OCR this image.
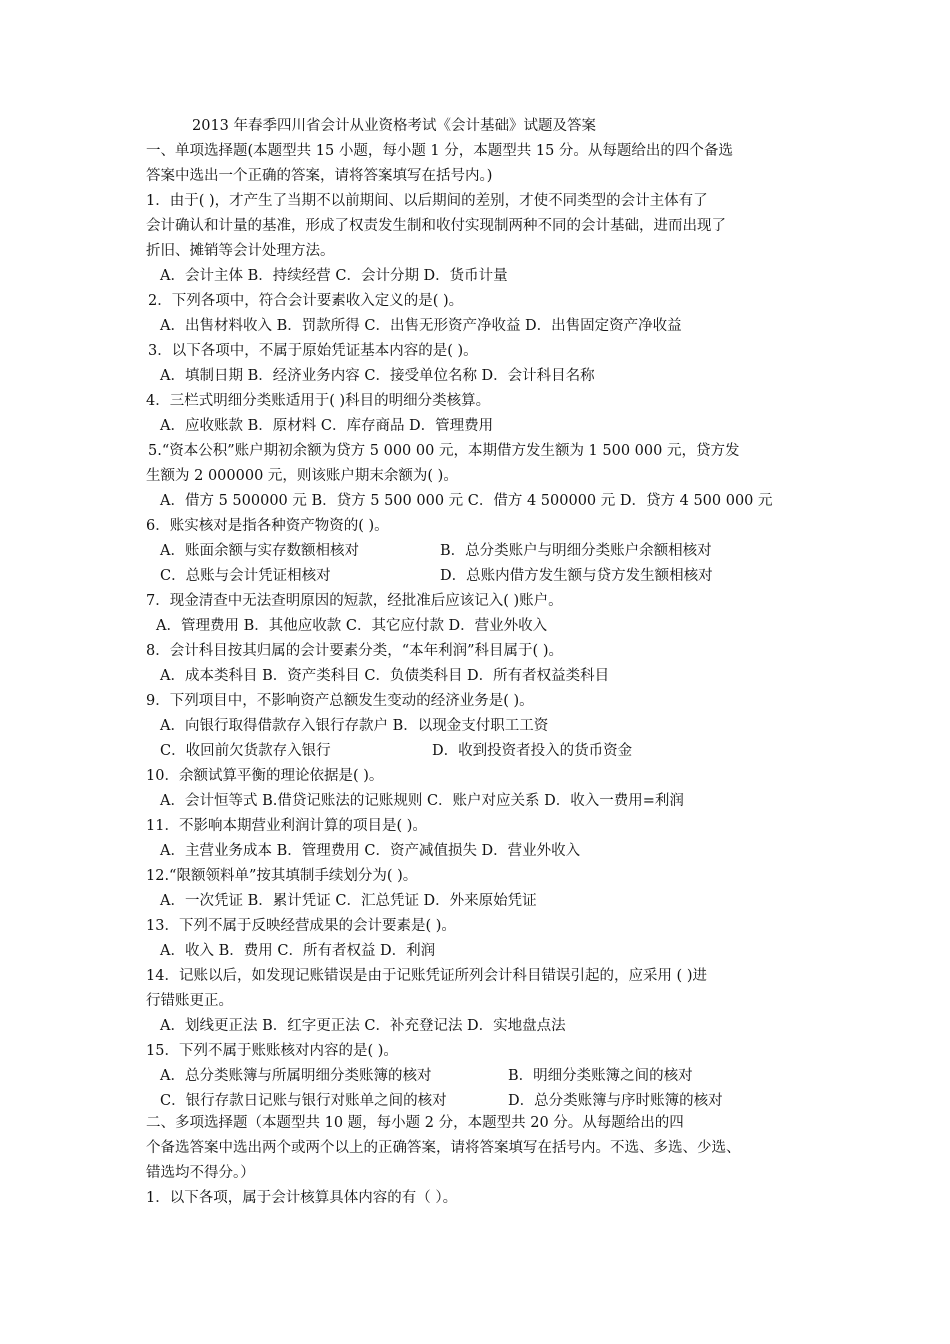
2013 年春季四川省会计从业资格考试《会计基础》试题及答案
一、单项选择题(本题型共 15 小题，每小题 1 分，本题型共 15 分。从每题给出的四个备选
答案中选出一个正确的答案，请将答案填写在括号内。)
1．由于( )，才产生了当期不以前期间、以后期间的差别，才使不同类型的会计主体有了
会计确认和计量的基准，形成了权责发生制和收付实现制两种不同的会计基础，进而出现了
折旧、摊销等会计处理方法。
A．会计主体 B．持续经营 C．会计分期 D．货币计量
2．下列各项中，符合会计要素收入定义的是( )。
A．出售材料收入 B．罚款所得 C．出售无形资产净收益 D．出售固定资产净收益
3．以下各项中，不属于原始凭证基本内容的是( )。
A．填制日期 B．经济业务内容 C．接受单位名称 D．会计科目名称
4．三栏式明细分类账适用于( )科目的明细分类核算。
A．应收账款 B．原材料 C．库存商品 D．管理费用
5.“资本公积”账户期初余额为贷方 5 000 00 元，本期借方发生额为 1 500 000 元，贷方发
生额为 2 000000 元，则该账户期末余额为( )。
A．借方 5 500000 元 B．贷方 5 500 000 元 C．借方 4 500000 元 D．贷方 4 500 000 元
6．账实核对是指各种资产物资的( )。
A．账面余额与实存数额相核对	B．总分类账户与明细分类账户余额相核对
C．总账与会计凭证相核对	D．总账内借方发生额与贷方发生额相核对
7．现金清查中无法查明原因的短款，经批准后应该记入( )账户。
A．管理费用 B．其他应收款 C．其它应付款 D．营业外收入
8．会计科目按其归属的会计要素分类，“本年利润”科目属于( )。
A．成本类科目 B．资产类科目 C．负债类科目 D．所有者权益类科目
9．下列项目中，不影响资产总额发生变动的经济业务是( )。
A．向银行取得借款存入银行存款户 B．以现金支付职工工资
C．收回前欠货款存入银行	D．收到投资者投入的货币资金
10．余额试算平衡的理论依据是( )。
A．会计恒等式 B.借贷记账法的记账规则 C．账户对应关系 D．收入一费用=利润
11．不影响本期营业利润计算的项目是( )。
A．主营业务成本 B．管理费用 C．资产减值损失 D．营业外收入
12.“限额领料单”按其填制手续划分为( )。
A．一次凭证 B．累计凭证 C．汇总凭证 D．外来原始凭证
13．下列不属于反映经营成果的会计要素是( )。
A．收入 B．费用 C．所有者权益 D．利润
14．记账以后，如发现记账错误是由于记账凭证所列会计科目错误引起的，应采用 ( )进
行错账更正。
A．划线更正法 B．红字更正法 C．补充登记法 D．实地盘点法
15．下列不属于账账核对内容的是( )。
A．总分类账簿与所属明细分类账簿的核对	B．明细分类账簿之间的核对
C．银行存款日记账与银行对账单之间的核对	D．总分类账簿与序时账簿的核对
二、多项选择题（本题型共 10 题，每小题 2 分，本题型共 20 分。从每题给出的四
个备选答案中选出两个或两个以上的正确答案，请将答案填写在括号内。不选、多选、少选、
错选均不得分。）
1．以下各项，属于会计核算具体内容的有（ ）。
